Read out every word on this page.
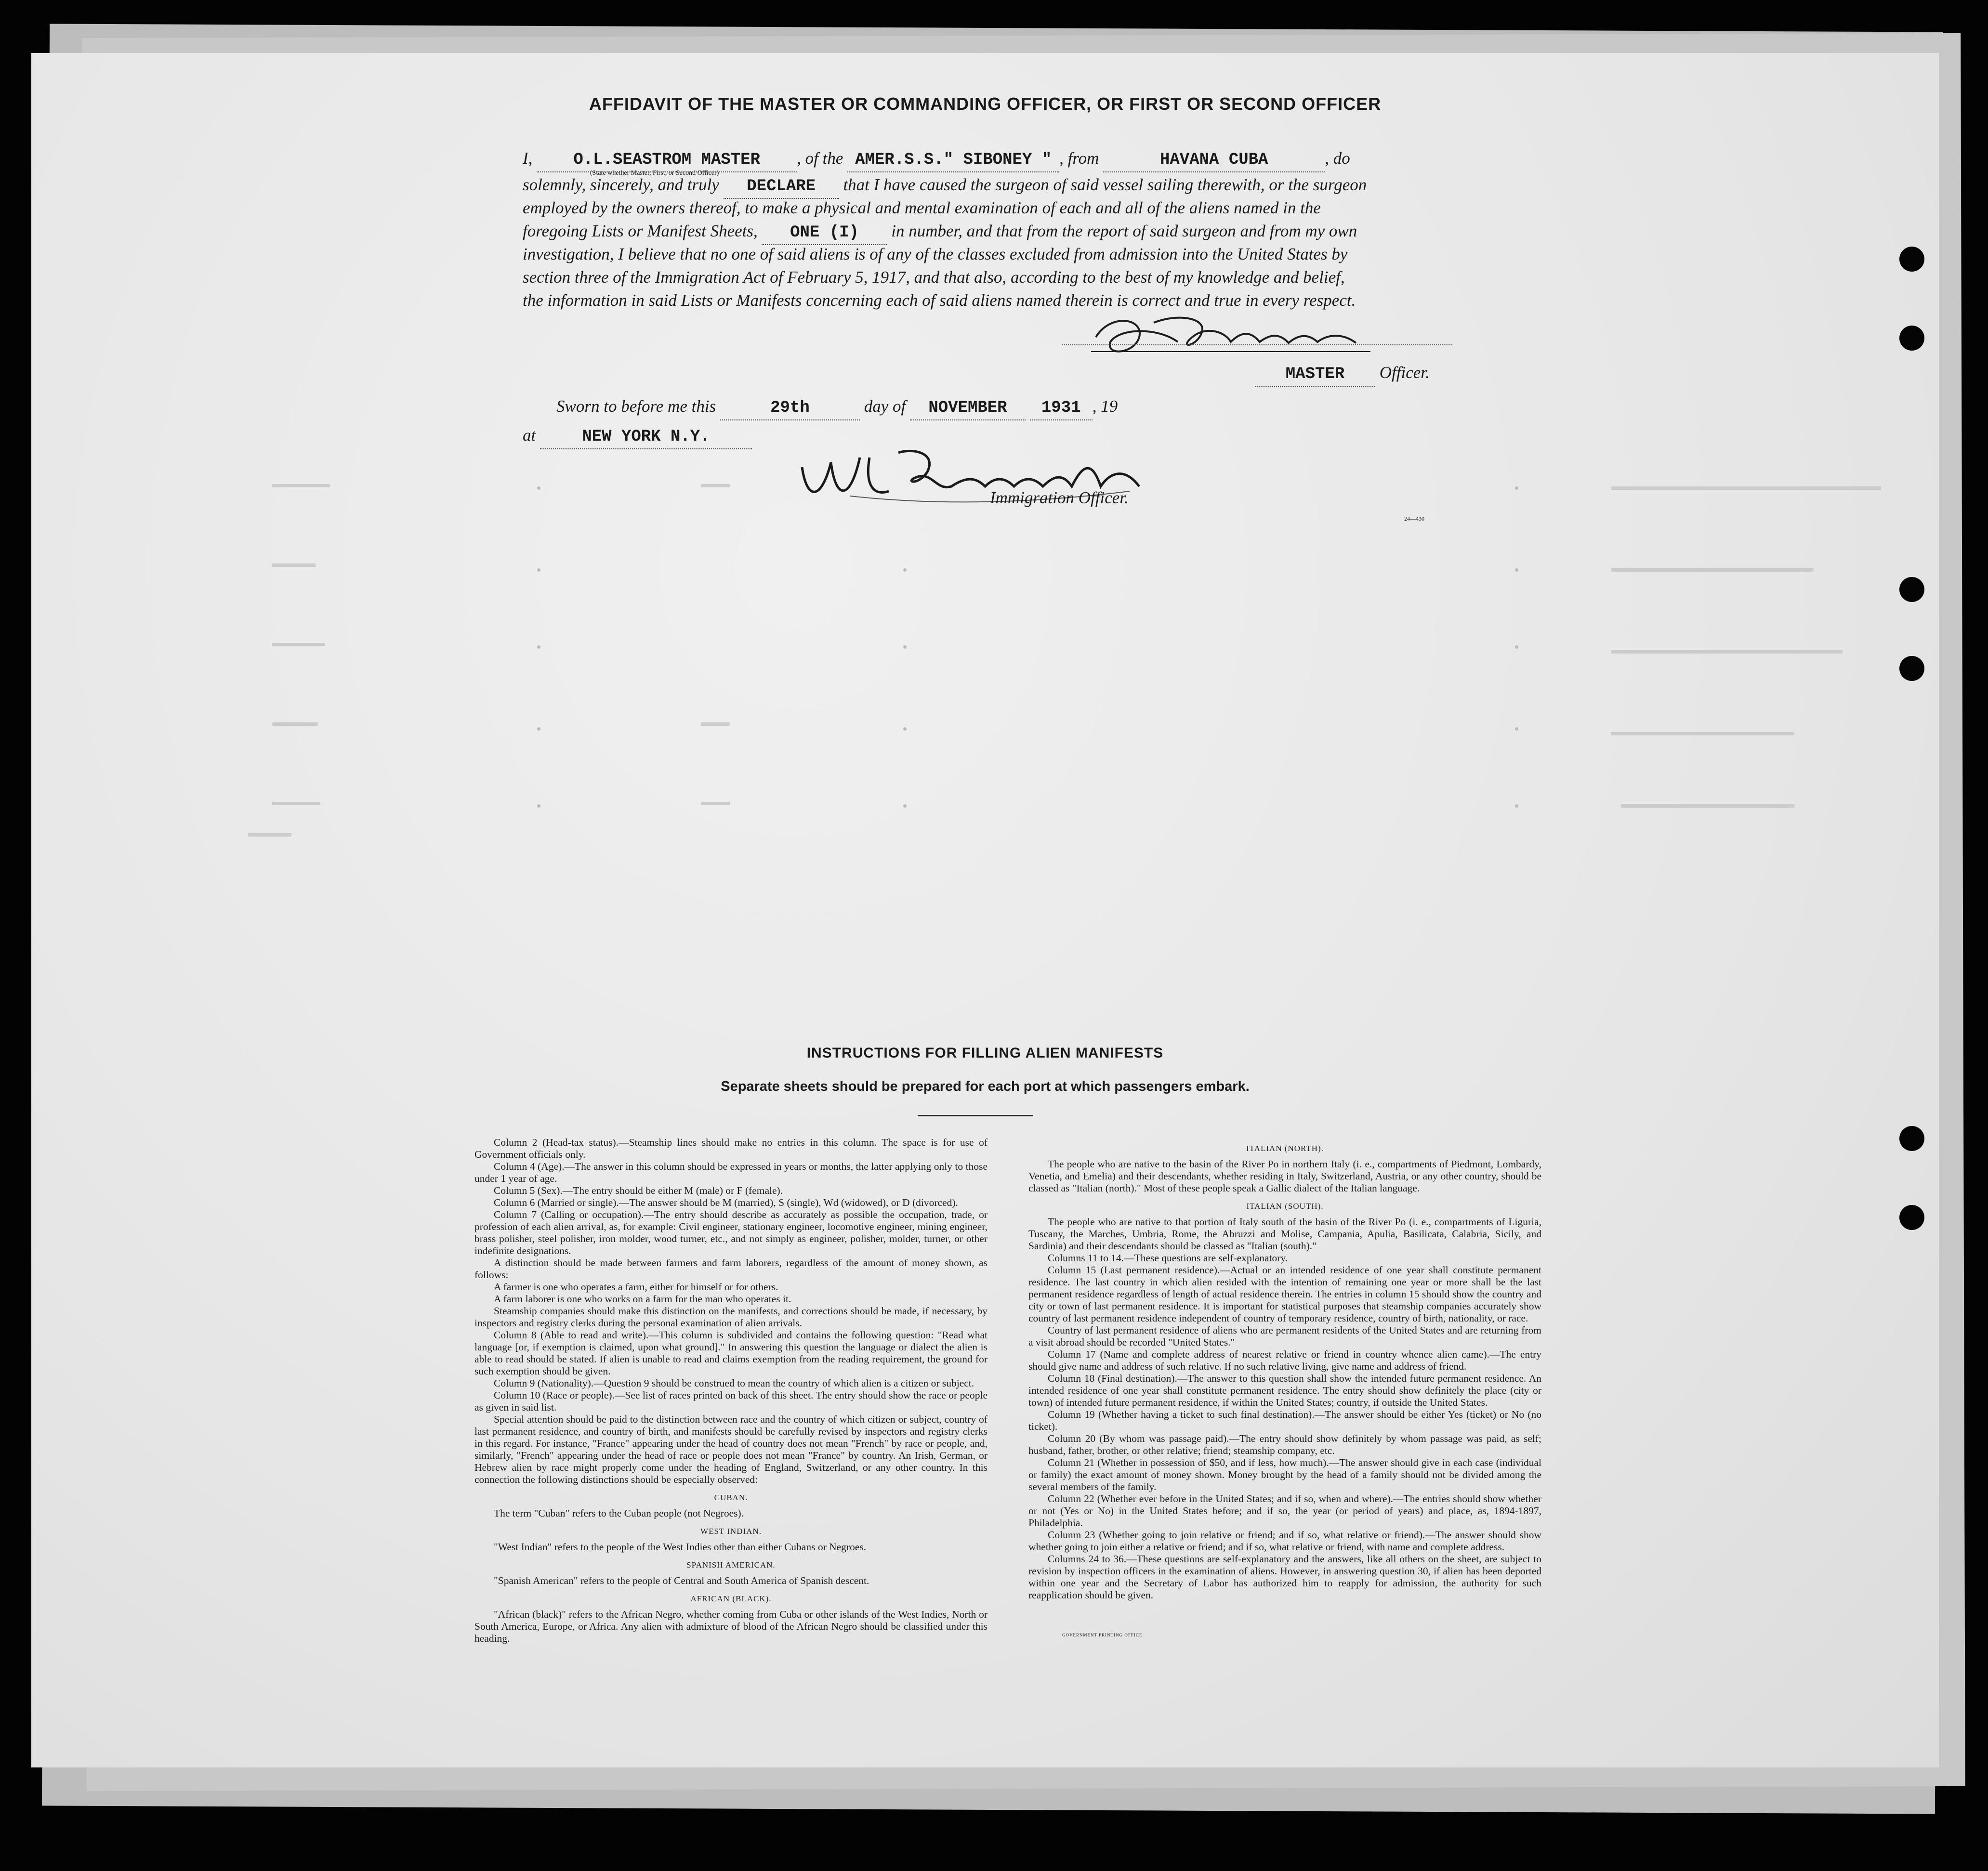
AFFIDAVIT OF THE MASTER OR COMMANDING OFFICER, OR FIRST OR SECOND OFFICER
I, O.L.SEASTROM MASTER , of the AMER.S.S." SIBONEY " , from	HAVANA CUBA	, do
(State whether Master, First, or Second Officer)
solemnly, sincerely, and truly DECLARE that I have caused the surgeon of said vessel sailing therewith, or the surgeon
employed by the owners thereof, to make a physical and mental examination of each and all of the aliens named in the
foregoing Lists or Manifest Sheets, ONE (I) in number, and that from the report of said surgeon and from my own
investigation, I believe that no one of said aliens is of any of the classes excluded from admission into the United States by
section three of the Immigration Act of February 5, 1917, and that also, according to the best of my knowledge and belief,
the information in said Lists or Manifests concerning each of said aliens named therein is correct and true in every respect.
MASTER Officer.
Sworn to before me this	29th	day of NOVEMBER 1931 , 19
at	NEW YORK N.Y.
Immigration Officer.
24—430
INSTRUCTIONS FOR FILLING ALIEN MANIFESTS
Separate sheets should be prepared for each port at which passengers embark.

Column 2 (Head-tax status).—Steamship lines should make no entries in this column. The space is for use of Government officials only.

Column 4 (Age).—The answer in this column should be expressed in years or months, the latter applying only to those under 1 year of age.

Column 5 (Sex).—The entry should be either M (male) or F (female).

Column 6 (Married or single).—The answer should be M (married), S (single), Wd (widowed), or D (divorced).

Column 7 (Calling or occupation).—The entry should describe as accurately as possible the occupation, trade, or profession of each alien arrival, as, for example: Civil engineer, stationary engineer, locomotive engineer, mining engineer, brass polisher, steel polisher, iron molder, wood turner, etc., and not simply as engineer, polisher, molder, turner, or other indefinite designations.

A distinction should be made between farmers and farm laborers, regardless of the amount of money shown, as follows:

A farmer is one who operates a farm, either for himself or for others.

A farm laborer is one who works on a farm for the man who operates it.

Steamship companies should make this distinction on the manifests, and corrections should be made, if necessary, by inspectors and registry clerks during the personal examination of alien arrivals.

Column 8 (Able to read and write).—This column is subdivided and contains the following question: "Read what language [or, if exemption is claimed, upon what ground]." In answering this question the language or dialect the alien is able to read should be stated. If alien is unable to read and claims exemption from the reading requirement, the ground for such exemption should be given.

Column 9 (Nationality).—Question 9 should be construed to mean the country of which alien is a citizen or subject.

Column 10 (Race or people).—See list of races printed on back of this sheet. The entry should show the race or people as given in said list.

Special attention should be paid to the distinction between race and the country of which citizen or subject, country of last permanent residence, and country of birth, and manifests should be carefully revised by inspectors and registry clerks in this regard. For instance, "France" appearing under the head of country does not mean "French" by race or people, and, similarly, "French" appearing under the head of race or people does not mean "France" by country. An Irish, German, or Hebrew alien by race might properly come under the heading of England, Switzerland, or any other country. In this connection the following distinctions should be especially observed:

CUBAN.

The term "Cuban" refers to the Cuban people (not Negroes).

WEST INDIAN.

"West Indian" refers to the people of the West Indies other than either Cubans or Negroes.

SPANISH AMERICAN.

"Spanish American" refers to the people of Central and South America of Spanish descent.

AFRICAN (BLACK).

"African (black)" refers to the African Negro, whether coming from Cuba or other islands of the West Indies, North or South America, Europe, or Africa. Any alien with admixture of blood of the African Negro should be classified under this heading.

ITALIAN (NORTH).

The people who are native to the basin of the River Po in northern Italy (i. e., compartments of Piedmont, Lombardy, Venetia, and Emelia) and their descendants, whether residing in Italy, Switzerland, Austria, or any other country, should be classed as "Italian (north)." Most of these people speak a Gallic dialect of the Italian language.

ITALIAN (SOUTH).

The people who are native to that portion of Italy south of the basin of the River Po (i. e., compartments of Liguria, Tuscany, the Marches, Umbria, Rome, the Abruzzi and Molise, Campania, Apulia, Basilicata, Calabria, Sicily, and Sardinia) and their descendants should be classed as "Italian (south)."

Columns 11 to 14.—These questions are self-explanatory.

Column 15 (Last permanent residence).—Actual or an intended residence of one year shall constitute permanent residence. The last country in which alien resided with the intention of remaining one year or more shall be the last permanent residence regardless of length of actual residence therein. The entries in column 15 should show the country and city or town of last permanent residence. It is important for statistical purposes that steamship companies accurately show country of last permanent residence independent of country of temporary residence, country of birth, nationality, or race.

Country of last permanent residence of aliens who are permanent residents of the United States and are returning from a visit abroad should be recorded "United States."

Column 17 (Name and complete address of nearest relative or friend in country whence alien came).—The entry should give name and address of such relative. If no such relative living, give name and address of friend.

Column 18 (Final destination).—The answer to this question shall show the intended future permanent residence. An intended residence of one year shall constitute permanent residence. The entry should show definitely the place (city or town) of intended future permanent residence, if within the United States; country, if outside the United States.

Column 19 (Whether having a ticket to such final destination).—The answer should be either Yes (ticket) or No (no ticket).

Column 20 (By whom was passage paid).—The entry should show definitely by whom passage was paid, as self; husband, father, brother, or other relative; friend; steamship company, etc.

Column 21 (Whether in possession of $50, and if less, how much).—The answer should give in each case (individual or family) the exact amount of money shown. Money brought by the head of a family should not be divided among the several members of the family.

Column 22 (Whether ever before in the United States; and if so, when and where).—The entries should show whether or not (Yes or No) in the United States before; and if so, the year (or period of years) and place, as, 1894-1897, Philadelphia.

Column 23 (Whether going to join relative or friend; and if so, what relative or friend).—The answer should show whether going to join either a relative or friend; and if so, what relative or friend, with name and complete address.

Columns 24 to 36.—These questions are self-explanatory and the answers, like all others on the sheet, are subject to revision by inspection officers in the examination of aliens. However, in answering question 30, if alien has been deported within one year and the Secretary of Labor has authorized him to reapply for admission, the authority for such reapplication should be given.

GOVERNMENT PRINTING OFFICE
